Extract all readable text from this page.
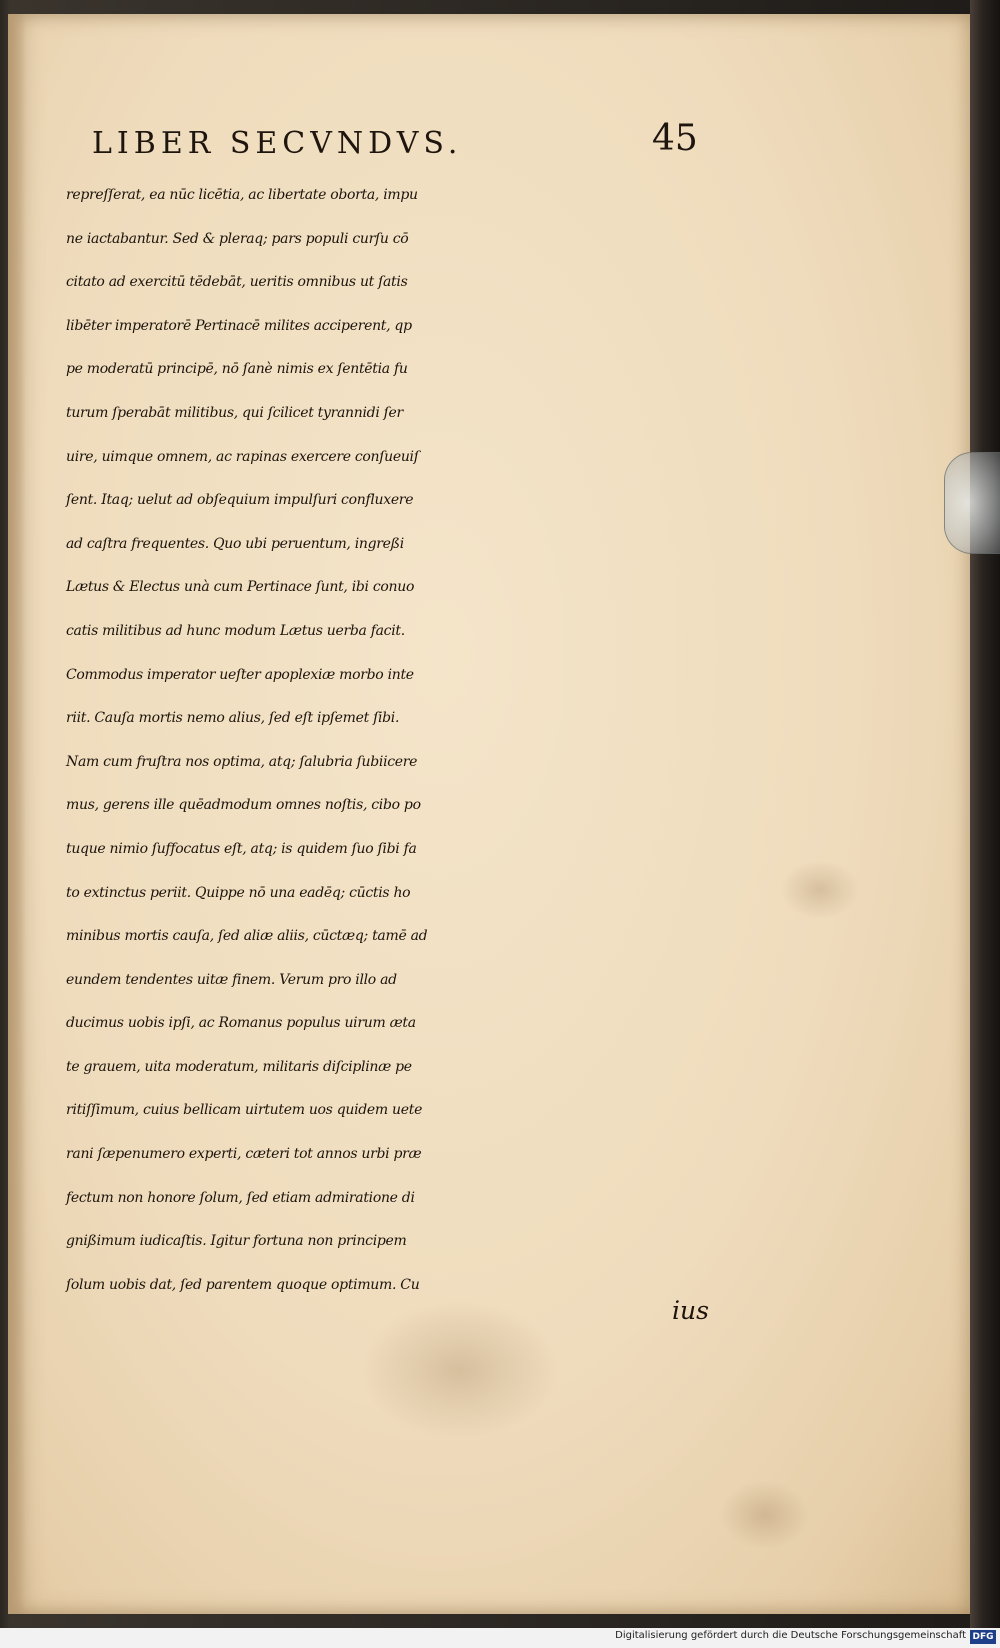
LIBER SECVNDVS.	45
repreſſerat, ea nūc licētia, ac libertate oborta, impu
ne iactabantur. Sed & pleraq; pars populi curſu cō
citato ad exercitū tēdebāt, ueritis omnibus ut ſatis
libēter imperatorē Pertinacē milites acciperent, qp
pe moderatū principē, nō ſanè nimis ex ſentētia fu
turum ſperabāt militibus, qui ſcilicet tyrannidi ſer
uire, uimque omnem, ac rapinas exercere conſueuiſ
ſent. Itaq; uelut ad obſequium impulſuri confluxere
ad caſtra frequentes. Quo ubi peruentum, ingreßi
Lætus & Electus unà cum Pertinace ſunt, ibi conuo
catis militibus ad hunc modum Lætus uerba facit.
Commodus imperator ueſter apoplexiæ morbo inte
riit. Cauſa mortis nemo alius, ſed eſt ipſemet ſibi.
Nam cum fruſtra nos optima, atq; ſalubria ſubiicere
mus, gerens ille quēadmodum omnes noſtis, cibo po
tuque nimio ſuffocatus eſt, atq; is quidem ſuo ſibi fa
to extinctus periit. Quippe nō una eadēq; cūctis ho
minibus mortis cauſa, ſed aliæ aliis, cūctæq; tamē ad
eundem tendentes uitæ finem. Verum pro illo ad
ducimus uobis ipſi, ac Romanus populus uirum æta
te grauem, uita moderatum, militaris diſciplinæ pe
ritiſſimum, cuius bellicam uirtutem uos quidem uete
rani ſæpenumero experti, cæteri tot annos urbi præ
fectum non honore ſolum, ſed etiam admiratione di
gnißimum iudicaſtis. Igitur fortuna non principem
ſolum uobis dat, ſed parentem quoque optimum. Cu
ius
Digitalisierung gefördert durch die Deutsche Forschungsgemeinschaft DFG
